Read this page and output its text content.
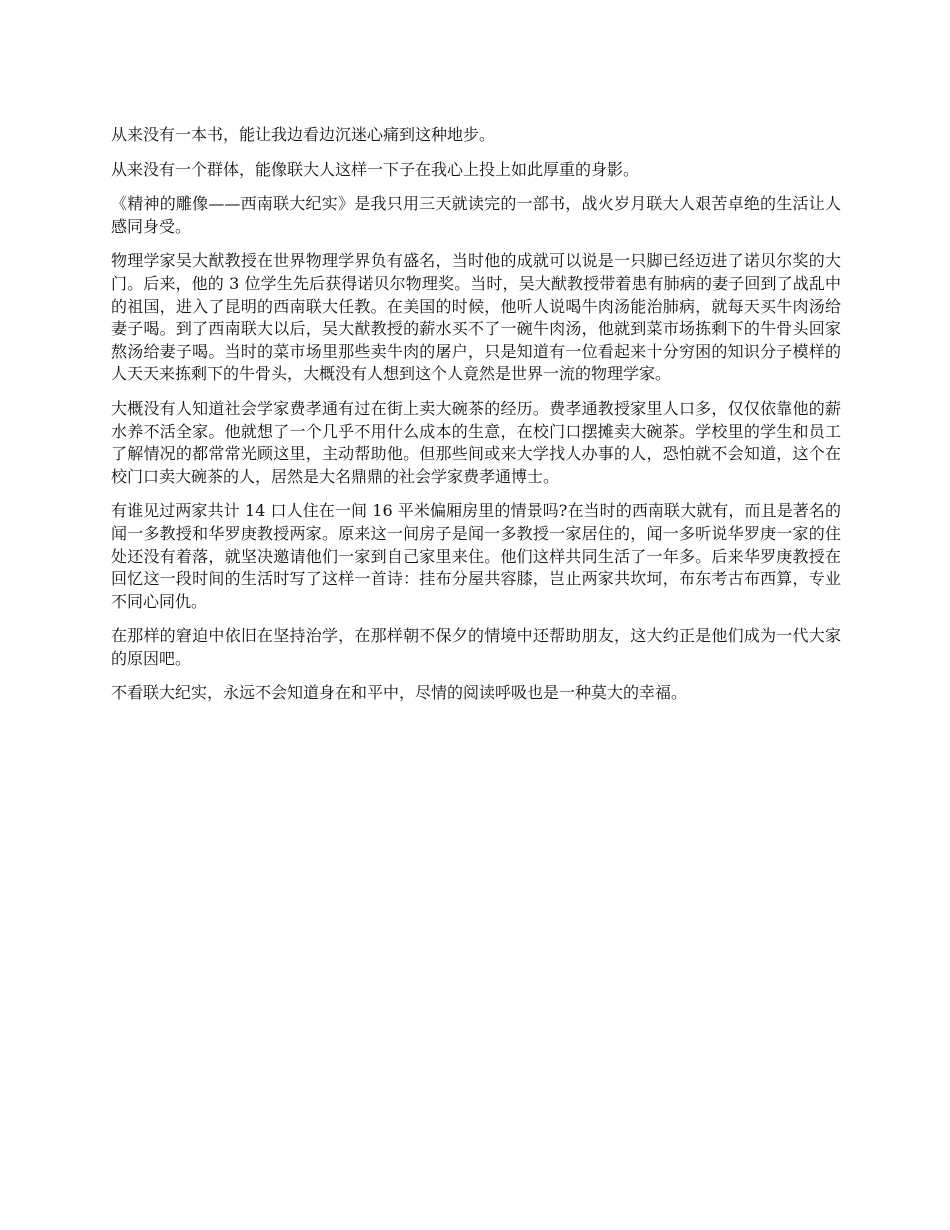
从来没有一本书，能让我边看边沉迷心痛到这种地步。

从来没有一个群体，能像联大人这样一下子在我心上投上如此厚重的身影。

《精神的雕像——西南联大纪实》是我只用三天就读完的一部书，战火岁月联大人艰苦卓绝的生活让人感同身受。

物理学家吴大猷教授在世界物理学界负有盛名，当时他的成就可以说是一只脚已经迈进了诺贝尔奖的大门。后来，他的 3 位学生先后获得诺贝尔物理奖。当时，吴大猷教授带着患有肺病的妻子回到了战乱中的祖国，进入了昆明的西南联大任教。在美国的时候，他听人说喝牛肉汤能治肺病，就每天买牛肉汤给妻子喝。到了西南联大以后，吴大猷教授的薪水买不了一碗牛肉汤，他就到菜市场拣剩下的牛骨头回家熬汤给妻子喝。当时的菜市场里那些卖牛肉的屠户，只是知道有一位看起来十分穷困的知识分子模样的人天天来拣剩下的牛骨头，大概没有人想到这个人竟然是世界一流的物理学家。

大概没有人知道社会学家费孝通有过在街上卖大碗茶的经历。费孝通教授家里人口多，仅仅依靠他的薪水养不活全家。他就想了一个几乎不用什么成本的生意，在校门口摆摊卖大碗茶。学校里的学生和员工了解情况的都常常光顾这里，主动帮助他。但那些间或来大学找人办事的人，恐怕就不会知道，这个在校门口卖大碗茶的人，居然是大名鼎鼎的社会学家费孝通博士。

有谁见过两家共计 14 口人住在一间 16 平米偏厢房里的情景吗?在当时的西南联大就有，而且是著名的闻一多教授和华罗庚教授两家。原来这一间房子是闻一多教授一家居住的，闻一多听说华罗庚一家的住处还没有着落，就坚决邀请他们一家到自己家里来住。他们这样共同生活了一年多。后来华罗庚教授在回忆这一段时间的生活时写了这样一首诗：挂布分屋共容膝，岂止两家共坎坷，布东考古布西算，专业不同心同仇。

在那样的窘迫中依旧在坚持治学，在那样朝不保夕的情境中还帮助朋友，这大约正是他们成为一代大家的原因吧。

不看联大纪实，永远不会知道身在和平中，尽情的阅读呼吸也是一种莫大的幸福。
